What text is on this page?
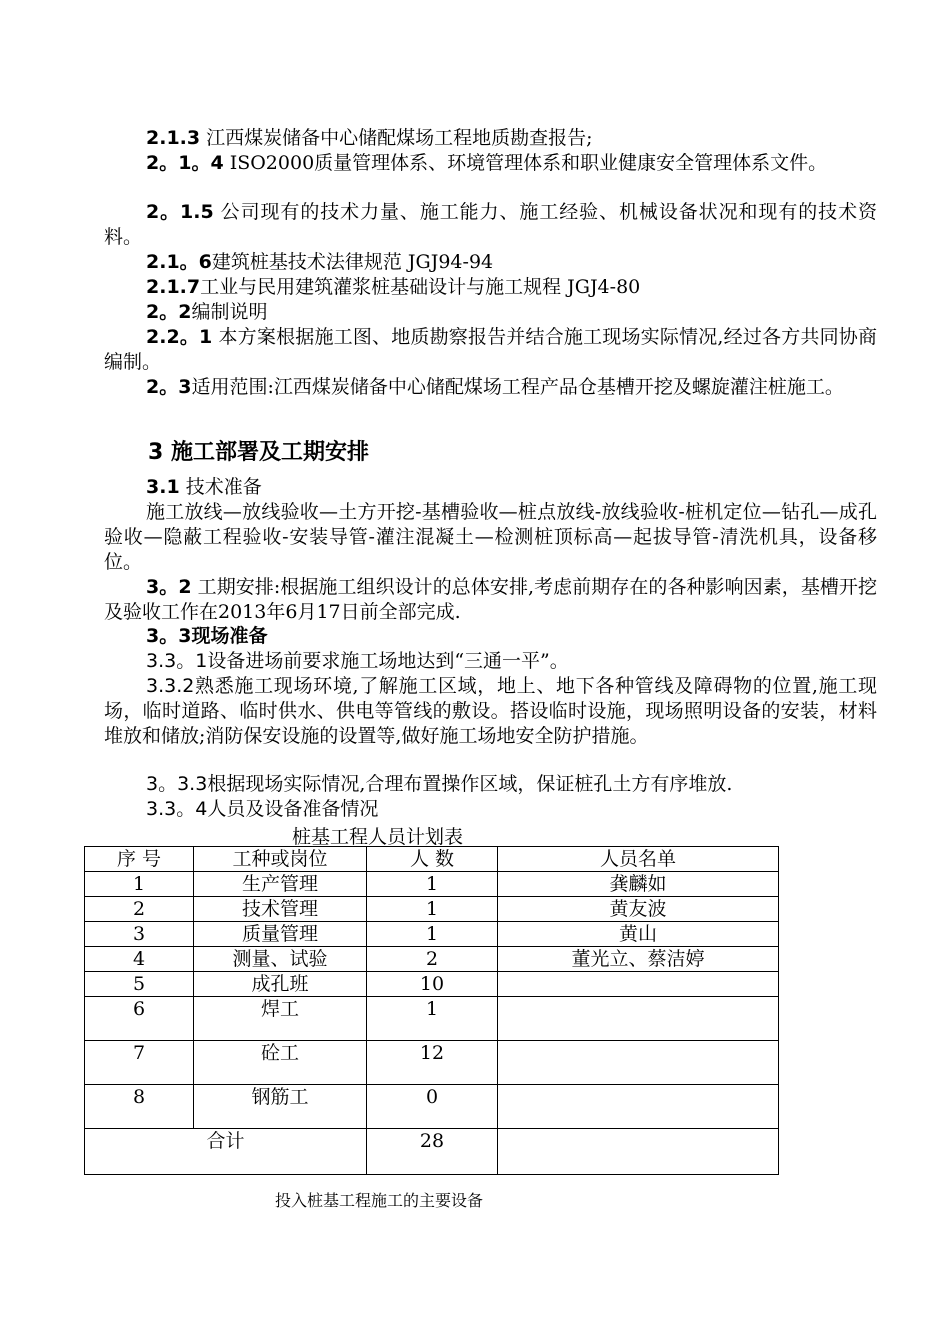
2.1.3 江西煤炭储备中心储配煤场工程地质勘查报告;
2。1。4 ISO2000质量管理体系、环境管理体系和职业健康安全管理体系文件。
2。1.5 公司现有的技术力量、施工能力、施工经验、机械设备状况和现有的技术资料。
2.1。6建筑桩基技术法律规范 JGJ94-94
2.1.7工业与民用建筑灌浆桩基础设计与施工规程 JGJ4-80
2。2编制说明
2.2。1 本方案根据施工图、地质勘察报告并结合施工现场实际情况,经过各方共同协商编制。
2。3适用范围:江西煤炭储备中心储配煤场工程产品仓基槽开挖及螺旋灌注桩施工。
3 施工部署及工期安排
3.1 技术准备
施工放线—放线验收—土方开挖-基槽验收—桩点放线-放线验收-桩机定位—钻孔—成孔验收—隐蔽工程验收-安装导管-灌注混凝土—检测桩顶标高—起拔导管-清洗机具，设备移位。
3。2 工期安排:根据施工组织设计的总体安排,考虑前期存在的各种影响因素，基槽开挖及验收工作在2013年6月17日前全部完成.
3。3现场准备
3.3。1设备进场前要求施工场地达到“三通一平”。
3.3.2熟悉施工现场环境,了解施工区域，地上、地下各种管线及障碍物的位置,施工现场，临时道路、临时供水、供电等管线的敷设。搭设临时设施，现场照明设备的安装，材料堆放和储放;消防保安设施的设置等,做好施工场地安全防护措施。
3。3.3根据现场实际情况,合理布置操作区域，保证桩孔土方有序堆放.
3.3。4人员及设备准备情况
桩基工程人员计划表
序 号	工种或岗位	人 数	人员名单
1	生产管理	1	龚麟如
2	技术管理	1	黄友波
3	质量管理	1	黄山
4	测量、试验	2	董光立、蔡洁婷
5	成孔班	10	
6	焊工	1	
7	砼工	12	
8	钢筋工	0	
合计		28	
投入桩基工程施工的主要设备
